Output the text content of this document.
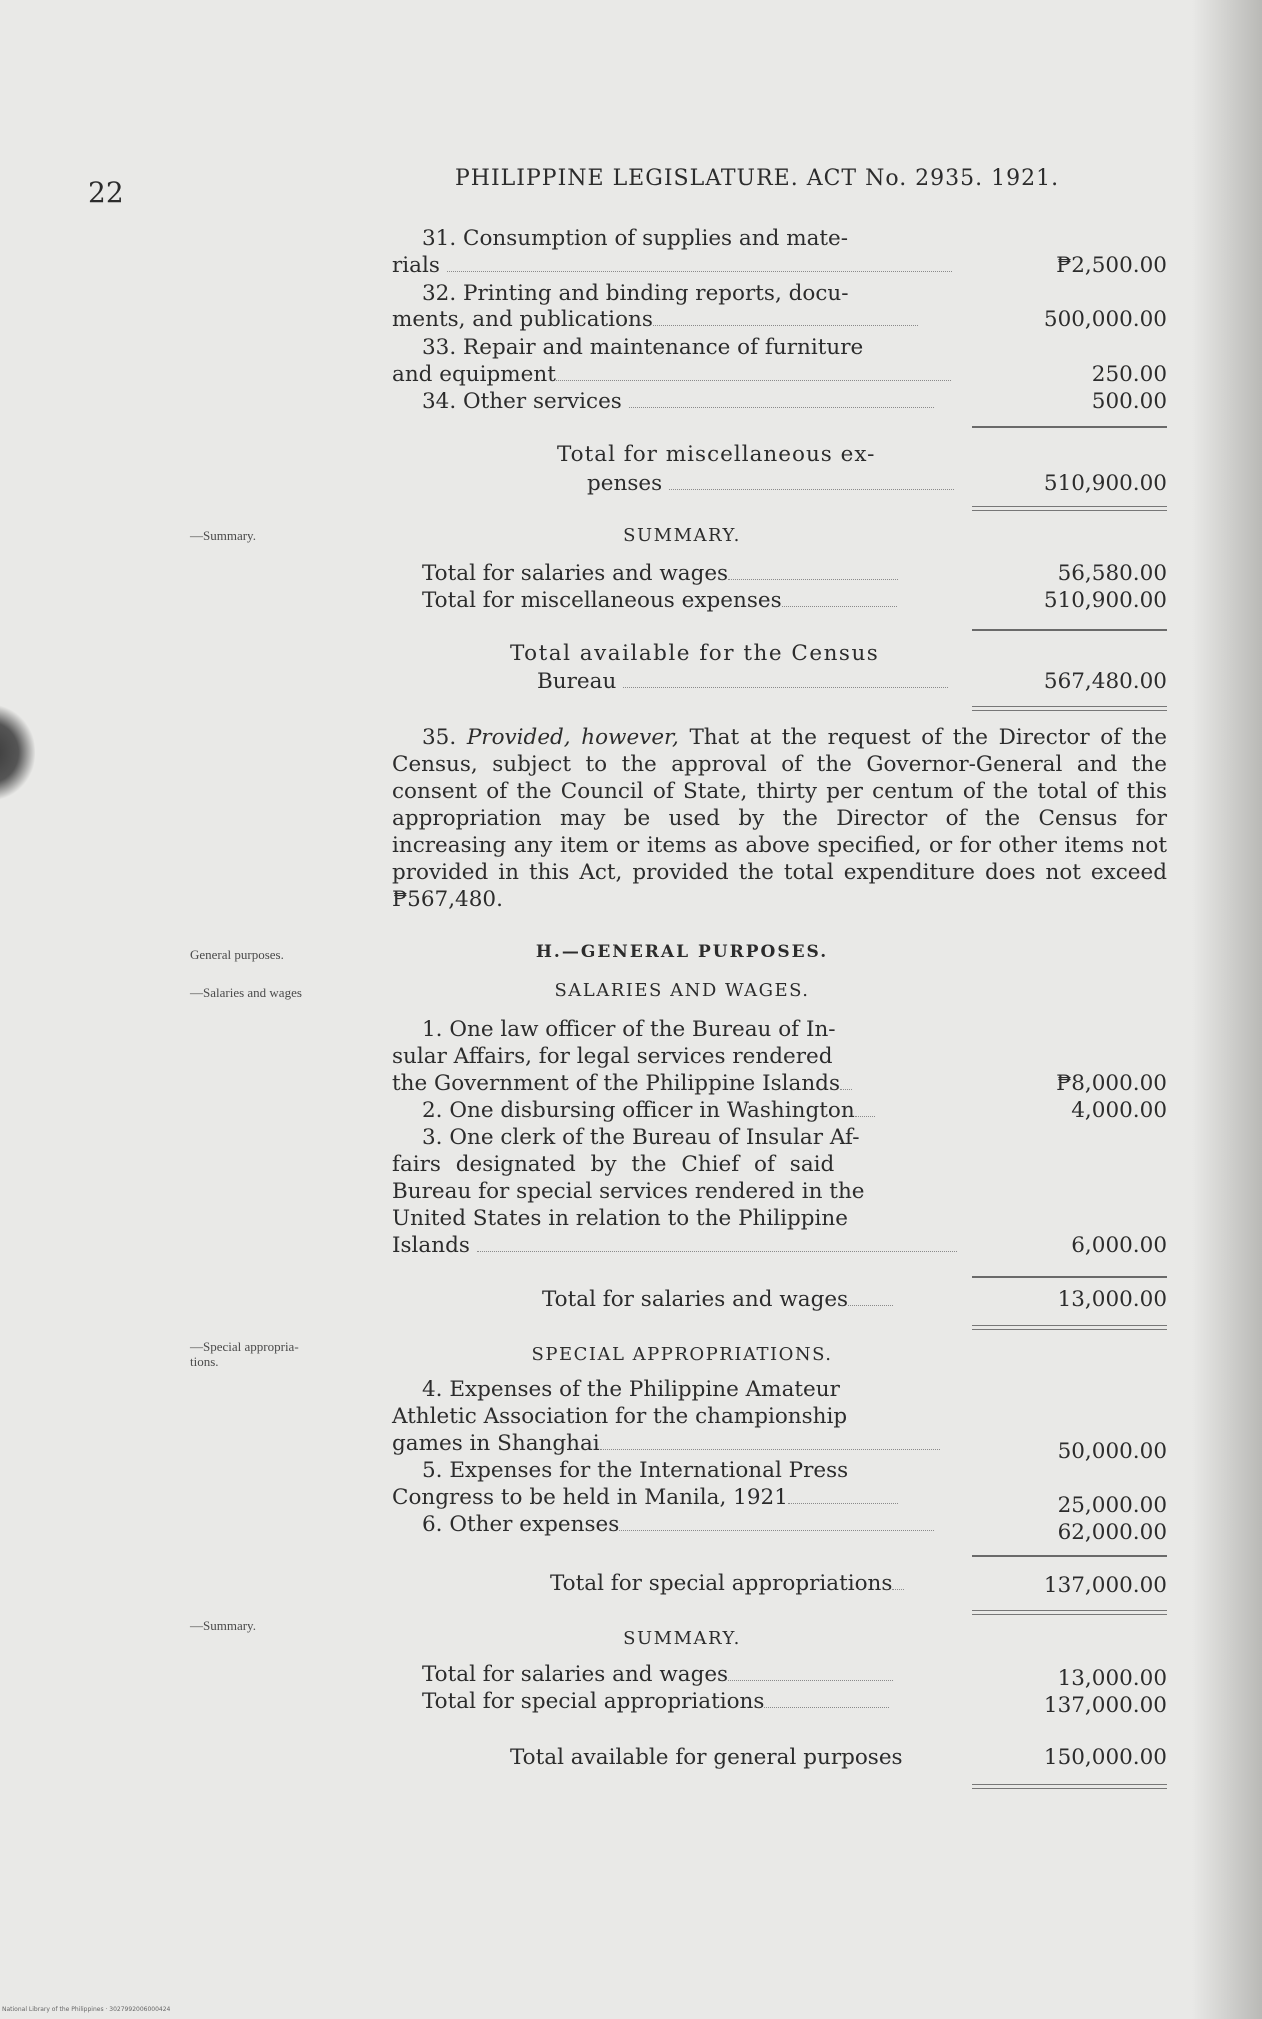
22	PHILIPPINE LEGISLATURE. ACT No. 2935. 1921.
—Summary.
General purposes.
—Salaries and wages
—Special appropria-
tions.
—Summary.
31. Consumption of supplies and mate-
rials	₱2,500.00
32. Printing and binding reports, docu-
ments, and publications	500,000.00
33. Repair and maintenance of furniture
and equipment	250.00
34. Other services	500.00
Total for miscellaneous ex-
penses	510,900.00
SUMMARY.
Total for salaries and wages	56,580.00
Total for miscellaneous expenses	510,900.00
Total available for the Census
Bureau	567,480.00
35. Provided, however, That at the request of the Director of the Census, subject to the approval of the Governor-General and the consent of the Council of State, thirty per centum of the total of this appropriation may be used by the Director of the Census for increasing any item or items as above specified, or for other items not provided in this Act, provided the total expenditure does not exceed ₱567,480.
H.—GENERAL PURPOSES.
SALARIES AND WAGES.
1. One law officer of the Bureau of In-
sular Affairs, for legal services rendered
the Government of the Philippine Islands	₱8,000.00
2. One disbursing officer in Washington	4,000.00
3. One clerk of the Bureau of Insular Af-
fairs designated by the Chief of said
Bureau for special services rendered in the
United States in relation to the Philippine
Islands	6,000.00
Total for salaries and wages	13,000.00
SPECIAL APPROPRIATIONS.
4. Expenses of the Philippine Amateur
Athletic Association for the championship
games in Shanghai	50,000.00
5. Expenses for the International Press
Congress to be held in Manila, 1921	25,000.00
6. Other expenses	62,000.00
Total for special appropriations	137,000.00
SUMMARY.
Total for salaries and wages	13,000.00
Total for special appropriations	137,000.00
Total available for general purposes	150,000.00
National Library of the Philippines · 3027992006000424
